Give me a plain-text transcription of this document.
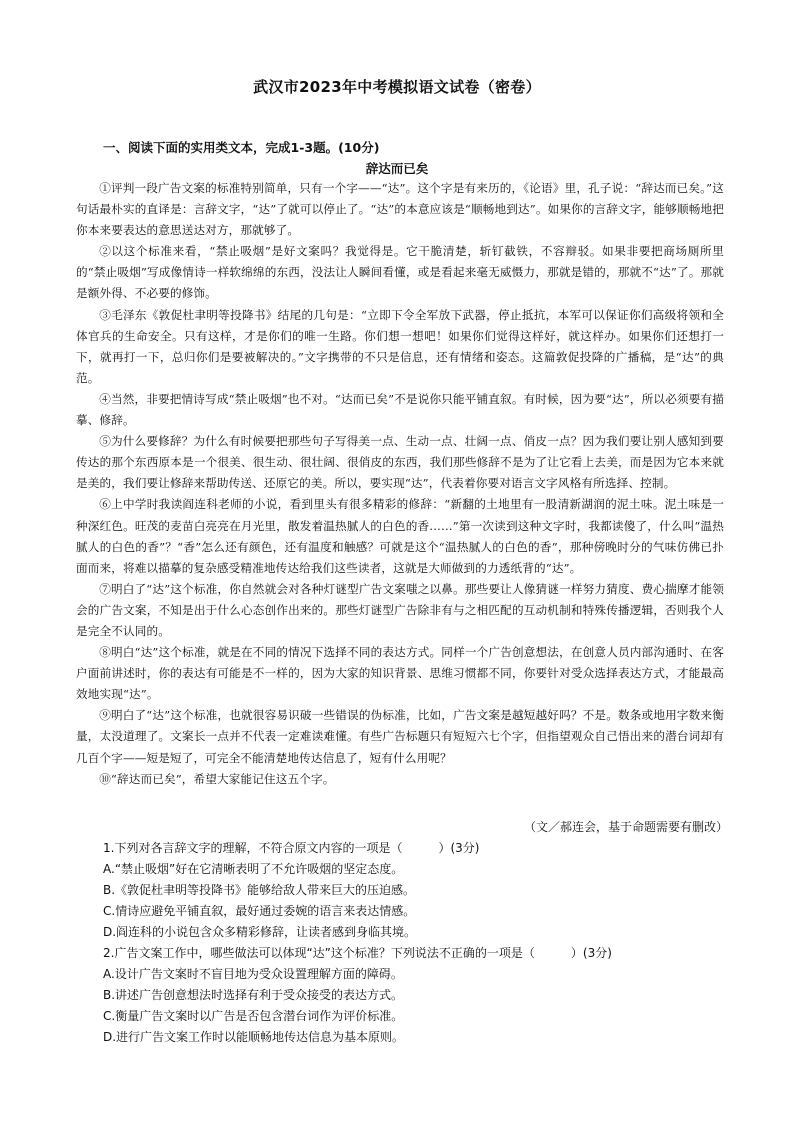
武汉市2023年中考模拟语文试卷（密卷）
一、阅读下面的实用类文本，完成1-3题。(10分)
辞达而已矣

①评判一段广告文案的标准特别简单，只有一个字——“达”。这个字是有来历的，《论语》里，孔子说：“辞达而已矣。”这句话最朴实的直译是：言辞文字，“达”了就可以停止了。“达”的本意应该是“顺畅地到达”。如果你的言辞文字，能够顺畅地把你本来要表达的意思送达对方，那就够了。

②以这个标准来看，“禁止吸烟”是好文案吗？我觉得是。它干脆清楚，斩钉截铁，不容辩驳。如果非要把商场厕所里的“禁止吸烟”写成像情诗一样软绵绵的东西，没法让人瞬间看懂，或是看起来毫无威慑力，那就是错的，那就不“达”了。那就是额外得、不必要的修饰。

③毛泽东《敦促杜聿明等投降书》结尾的几句是：“立即下令全军放下武器，停止抵抗，本军可以保证你们高级将领和全体官兵的生命安全。只有这样，才是你们的唯一生路。你们想一想吧！如果你们觉得这样好，就这样办。如果你们还想打一下，就再打一下，总归你们是要被解决的。”文字携带的不只是信息，还有情绪和姿态。这篇敦促投降的广播稿，是“达”的典范。

④当然，非要把情诗写成“禁止吸烟”也不对。“达而已矣”不是说你只能平铺直叙。有时候，因为要“达”，所以必须要有描摹、修辞。

⑤为什么要修辞？为什么有时候要把那些句子写得美一点、生动一点、壮阔一点、俏皮一点？因为我们要让别人感知到要传达的那个东西原本是一个很美、很生动、很壮阔、很俏皮的东西，我们那些修辞不是为了让它看上去美，而是因为它本来就是美的，我们要让修辞来帮助传送、还原它的美。所以，要实现“达”，代表着你要对语言文字风格有所选择、控制。

⑥上中学时我读阎连科老师的小说，看到里头有很多精彩的修辞：“新翻的土地里有一股清新湖润的泥土味。泥土味是一种深红色。旺茂的麦苗白亮亮在月光里，散发着温热腻人的白色的香……”第一次读到这种文字时，我都读傻了，什么叫“温热腻人的白色的香”？“香”怎么还有颜色，还有温度和触感？可就是这个“温热腻人的白色的香”，那种傍晚时分的气味仿佛已扑面而来，将难以描摹的复杂感受精准地传达给我们这些读者，这就是大师做到的力透纸背的“达”。

⑦明白了“达”这个标准，你自然就会对各种灯谜型广告文案嗤之以鼻。那些要让人像猜谜一样努力猜度、费心揣摩才能领会的广告文案，不知是出于什么心态创作出来的。那些灯谜型广告除非有与之相匹配的互动机制和特殊传播逻辑，否则我个人是完全不认同的。

⑧明白“达”这个标准，就是在不同的情况下选择不同的表达方式。同样一个广告创意想法，在创意人员内部沟通时、在客户面前讲述时，你的表达有可能是不一样的，因为大家的知识背景、思维习惯都不同，你要针对受众选择表达方式，才能最高效地实现“达”。

⑨明白了“达”这个标准，也就很容易识破一些错误的伪标准，比如，广告文案是越短越好吗？不是。数条或地用字数来衡量，太没道理了。文案长一点并不代表一定难读难懂。有些广告标题只有短短六七个字，但指望观众自己悟出来的潜台词却有几百个字——短是短了，可完全不能清楚地传达信息了，短有什么用呢？

⑩“辞达而已矣”，希望大家能记住这五个字。

（文／郝连会，基于命题需要有删改）
1.下列对各言辞文字的理解，不符合原文内容的一项是（　　　）(3分)
A.“禁止吸烟”好在它清晰表明了不允许吸烟的坚定态度。
B.《敦促杜聿明等投降书》能够给敌人带来巨大的压迫感。
C.情诗应避免平铺直叙，最好通过委婉的语言来表达情感。
D.阎连科的小说包含众多精彩修辞，让读者感到身临其境。
2.广告文案工作中，哪些做法可以体现“达”这个标准？下列说法不正确的一项是（　　　）(3分)
A.设计广告文案时不盲目地为受众设置理解方面的障碍。
B.讲述广告创意想法时选择有利于受众接受的表达方式。
C.衡量广告文案时以广告是否包含潜台词作为评价标准。
D.进行广告文案工作时以能顺畅地传达信息为基本原则。
